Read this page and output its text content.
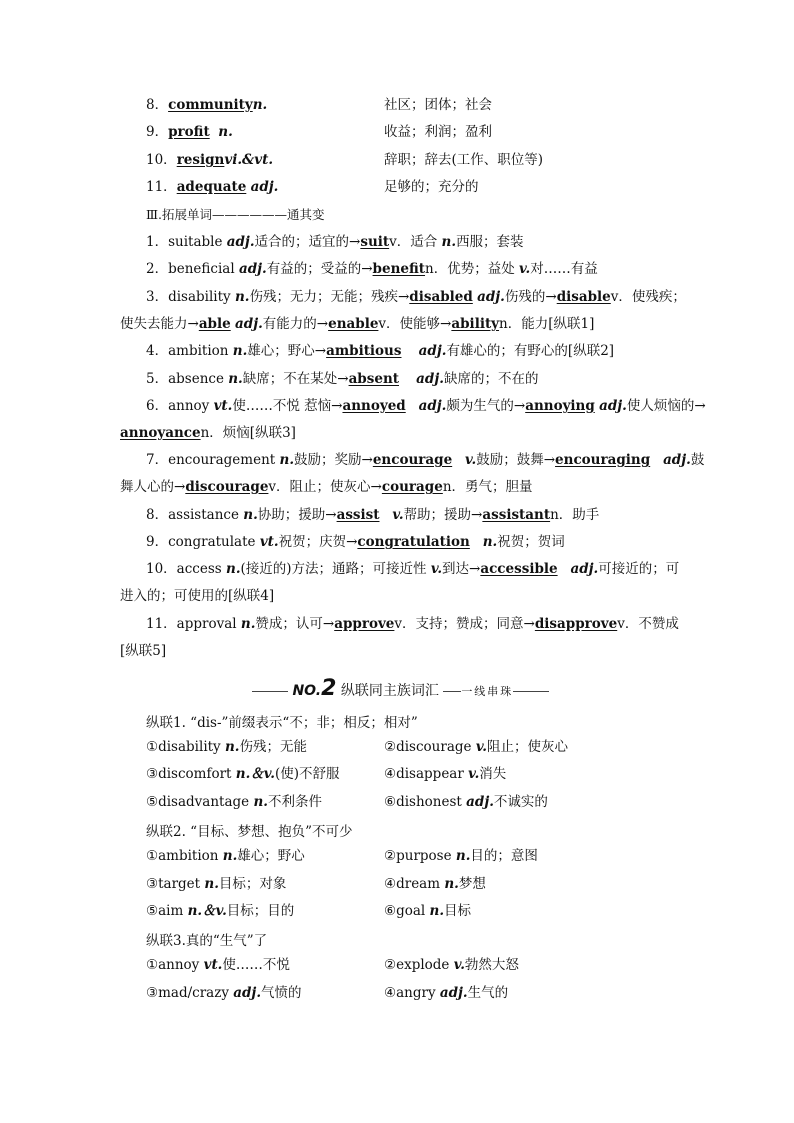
8．communityn.	社区；团体；社会
9．profit n.	收益；利润；盈利
10．resignvi.&vt.	辞职；辞去(工作、职位等)
11．adequate adj.	足够的；充分的
Ⅲ.拓展单词——————通其变
1．suitable adj.适合的；适宜的→suitv．适合 n.西服；套装
2．beneficial adj.有益的；受益的→benefitn．优势；益处 v.对……有益
3．disability n.伤残；无力；无能；残疾→disabled adj.伤残的→disablev．使残疾；
使失去能力→able adj.有能力的→enablev．使能够→abilityn．能力[纵联1]
4．ambition n.雄心；野心→ambitious adj.有雄心的；有野心的[纵联2]
5．absence n.缺席；不在某处→absent adj.缺席的；不在的
6．annoy vt.使……不悦 惹恼→annoyed adj.颇为生气的→annoying adj.使人烦恼的→
annoyancen．烦恼[纵联3]
7．encouragement n.鼓励；奖励→encourage v.鼓励；鼓舞→encouraging adj.鼓
舞人心的→discouragev．阻止；使灰心→couragen．勇气；胆量
8．assistance n.协助；援助→assist v.帮助；援助→assistantn．助手
9．congratulate vt.祝贺；庆贺→congratulation n.祝贺；贺词
10．access n.(接近的)方法；通路；可接近性 v.到达→accessible adj.可接近的；可
进入的；可使用的[纵联4]
11．approval n.赞成；认可→approvev．支持；赞成；同意→disapprovev．不赞成
[纵联5]
NO.2 纵联同主族词汇 一线串珠
纵联1. “dis-”前缀表示“不；非；相反；相对”
①disability n.伤残；无能	②discourage v.阻止；使灰心
③discomfort n.＆v.(使)不舒服	④disappear v.消失
⑤disadvantage n.不利条件	⑥dishonest adj.不诚实的
纵联2. “目标、梦想、抱负”不可少
①ambition n.雄心；野心	②purpose n.目的；意图
③target n.目标；对象	④dream n.梦想
⑤aim n.＆v.目标；目的	⑥goal n.目标
纵联3.真的“生气”了
①annoy vt.使……不悦	②explode v.勃然大怒
③mad/crazy adj.气愤的	④angry adj.生气的
